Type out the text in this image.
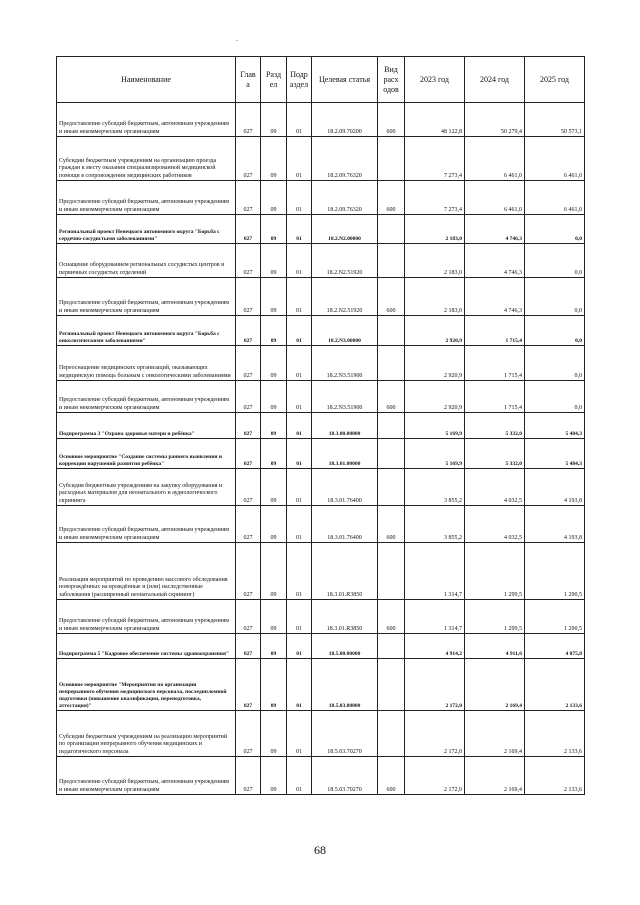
Наименование	Глав а	Разд ел	Подр аздел	Целевая статья	Вид расх одов	2023 год	2024 год	2025 год
Предоставление субсидий бюджетным, автономным учреждениям и иным некоммерческим организациям	027	09	01	18.2.09.70200	600	48 122,8	50 279,4	50 573,1
Субсидии бюджетным учреждениям на организацию проезда граждан к месту оказания специализированной медицинской помощи в сопровождении медицинских работников	027	09	01	18.2.09.76320		7 273,4	6 461,0	6 461,0
Предоставление субсидий бюджетным, автономным учреждениям и иным некоммерческим организациям	027	09	01	18.2.09.76320	600	7 273,4	6 461,0	6 461,0
Региональный проект Ненецкого автономного округа "Борьба с сердечно-сосудистыми заболеваниями"	027	09	01	18.2.N2.00000		2 183,0	4 746,3	0,0
Оснащение оборудованием региональных сосудистых центров и первичных сосудистых отделений	027	09	01	18.2.N2.51920		2 183,0	4 746,3	0,0
Предоставление субсидий бюджетным, автономным учреждениям и иным некоммерческим организациям	027	09	01	18.2.N2.51920	600	2 183,0	4 746,3	0,0
Региональный проект Ненецкого автономного округа "Борьба с онкологическими заболеваниями"	027	09	01	18.2.N3.00000		2 920,9	1 715,4	0,0
Переоснащение медицинских организаций, оказывающих медицинскую помощь больным с онкологическими заболеваниями	027	09	01	18.2.N3.51900		2 920,9	1 715,4	0,0
Предоставление субсидий бюджетным, автономным учреждениям и иным некоммерческим организациям	027	09	01	18.2.N3.51900	600	2 920,9	1 715,4	0,0
Подпрограмма 3 "Охрана здоровья матери и ребёнка"	027	09	01	18.3.00.00000		5 169,9	5 332,0	5 484,3
Основное мероприятие "Создание системы раннего выявления и коррекции нарушений развития ребёнка"	027	09	01	18.3.01.00000		5 169,9	5 332,0	5 484,3
Субсидия бюджетным учреждениям на закупку оборудования и расходных материалов для неонатального и аудиологического скрининга	027	09	01	18.3.01.76400		3 855,2	4 032,5	4 193,8
Предоставление субсидий бюджетным, автономным учреждениям и иным некоммерческим организациям	027	09	01	18.3.01.76400	600	3 855,2	4 032,5	4 193,8
Реализация мероприятий по проведению массового обследования новорождённых на врождённые и (или) наследственные заболевания (расширенный неонатальный скрининг)	027	09	01	18.3.01.R3850		1 314,7	1 299,5	1 290,5
Предоставление субсидий бюджетным, автономным учреждениям и иным некоммерческим организациям	027	09	01	18.3.01.R3850	600	1 314,7	1 299,5	1 290,5
Подпрограмма 5 "Кадровое обеспечение системы здравоохранения"	027	09	01	18.5.00.00000		4 914,2	4 911,6	4 875,8
Основное мероприятие "Мероприятия по организации непрерывного обучения медицинского персонала, последипломной подготовки (повышение квалификации, переподготовка, аттестация)"	027	09	01	18.5.03.00000		2 172,0	2 169,4	2 133,6
Субсидии бюджетным учреждениям на реализацию мероприятий по организации непрерывного обучения медицинских и педагогического персонала	027	09	01	18.5.03.70270		2 172,0	2 169,4	2 133,6
Предоставление субсидий бюджетным, автономным учреждениям и иным некоммерческим организациям	027	09	01	18.5.03.70270	600	2 172,0	2 169,4	2 133,6
68
